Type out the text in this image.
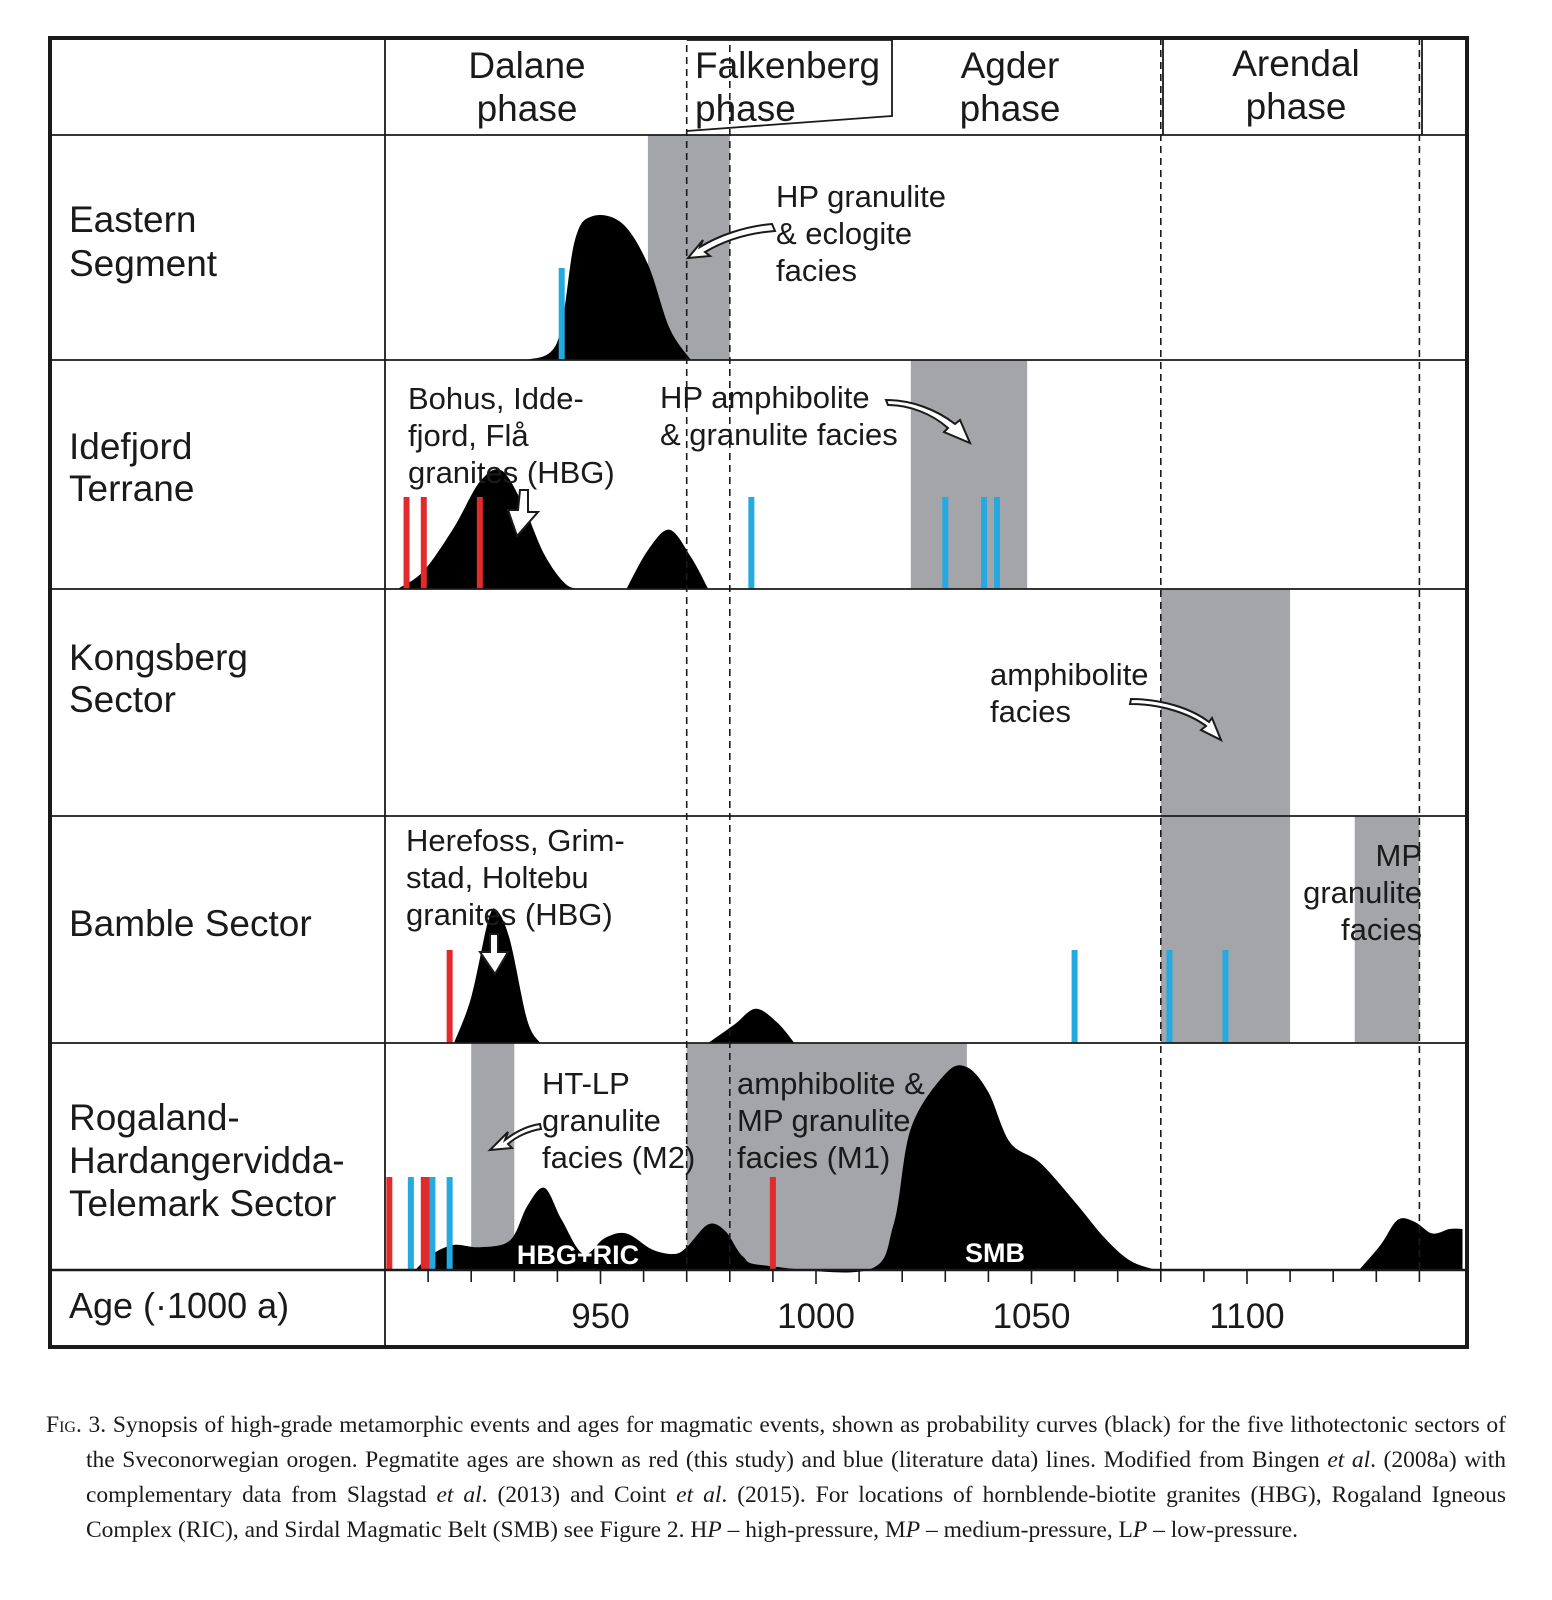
950	1000	1050	1100
Age (·1000 a)
Dalane
phase
Falkenberg
phase
Agder
phase
Arendal
phase
Eastern
Segment
HP granulite
& eclogite
facies
Idefjord
Terrane
Bohus, Idde-
fjord, Flå
granites (HBG)
HP amphibolite
& granulite facies
Kongsberg
Sector
amphibolite
facies
Bamble Sector
Herefoss, Grim-
stad, Holtebu
granites (HBG)
MP
granulite
facies
Rogaland-
Hardangervidda-
Telemark Sector
HT-LP
granulite
facies (M2)
amphibolite &
MP granulite
facies (M1)
HBG+RIC	SMB

Fig. 3. Synopsis of high-grade metamorphic events and ages for magmatic events, shown as probability curves (black) for the five lithotectonic sectors of the Sveconorwegian orogen. Pegmatite ages are shown as red (this study) and blue (literature data) lines. Modified from Bingen et al. (2008a) with complementary data from Slagstad et al. (2013) and Coint et al. (2015). For locations of hornblende-biotite granites (HBG), Rogaland Igneous Complex (RIC), and Sirdal Magmatic Belt (SMB) see Figure 2. HP – high-pressure, MP – medium-pressure, LP – low-pressure.
